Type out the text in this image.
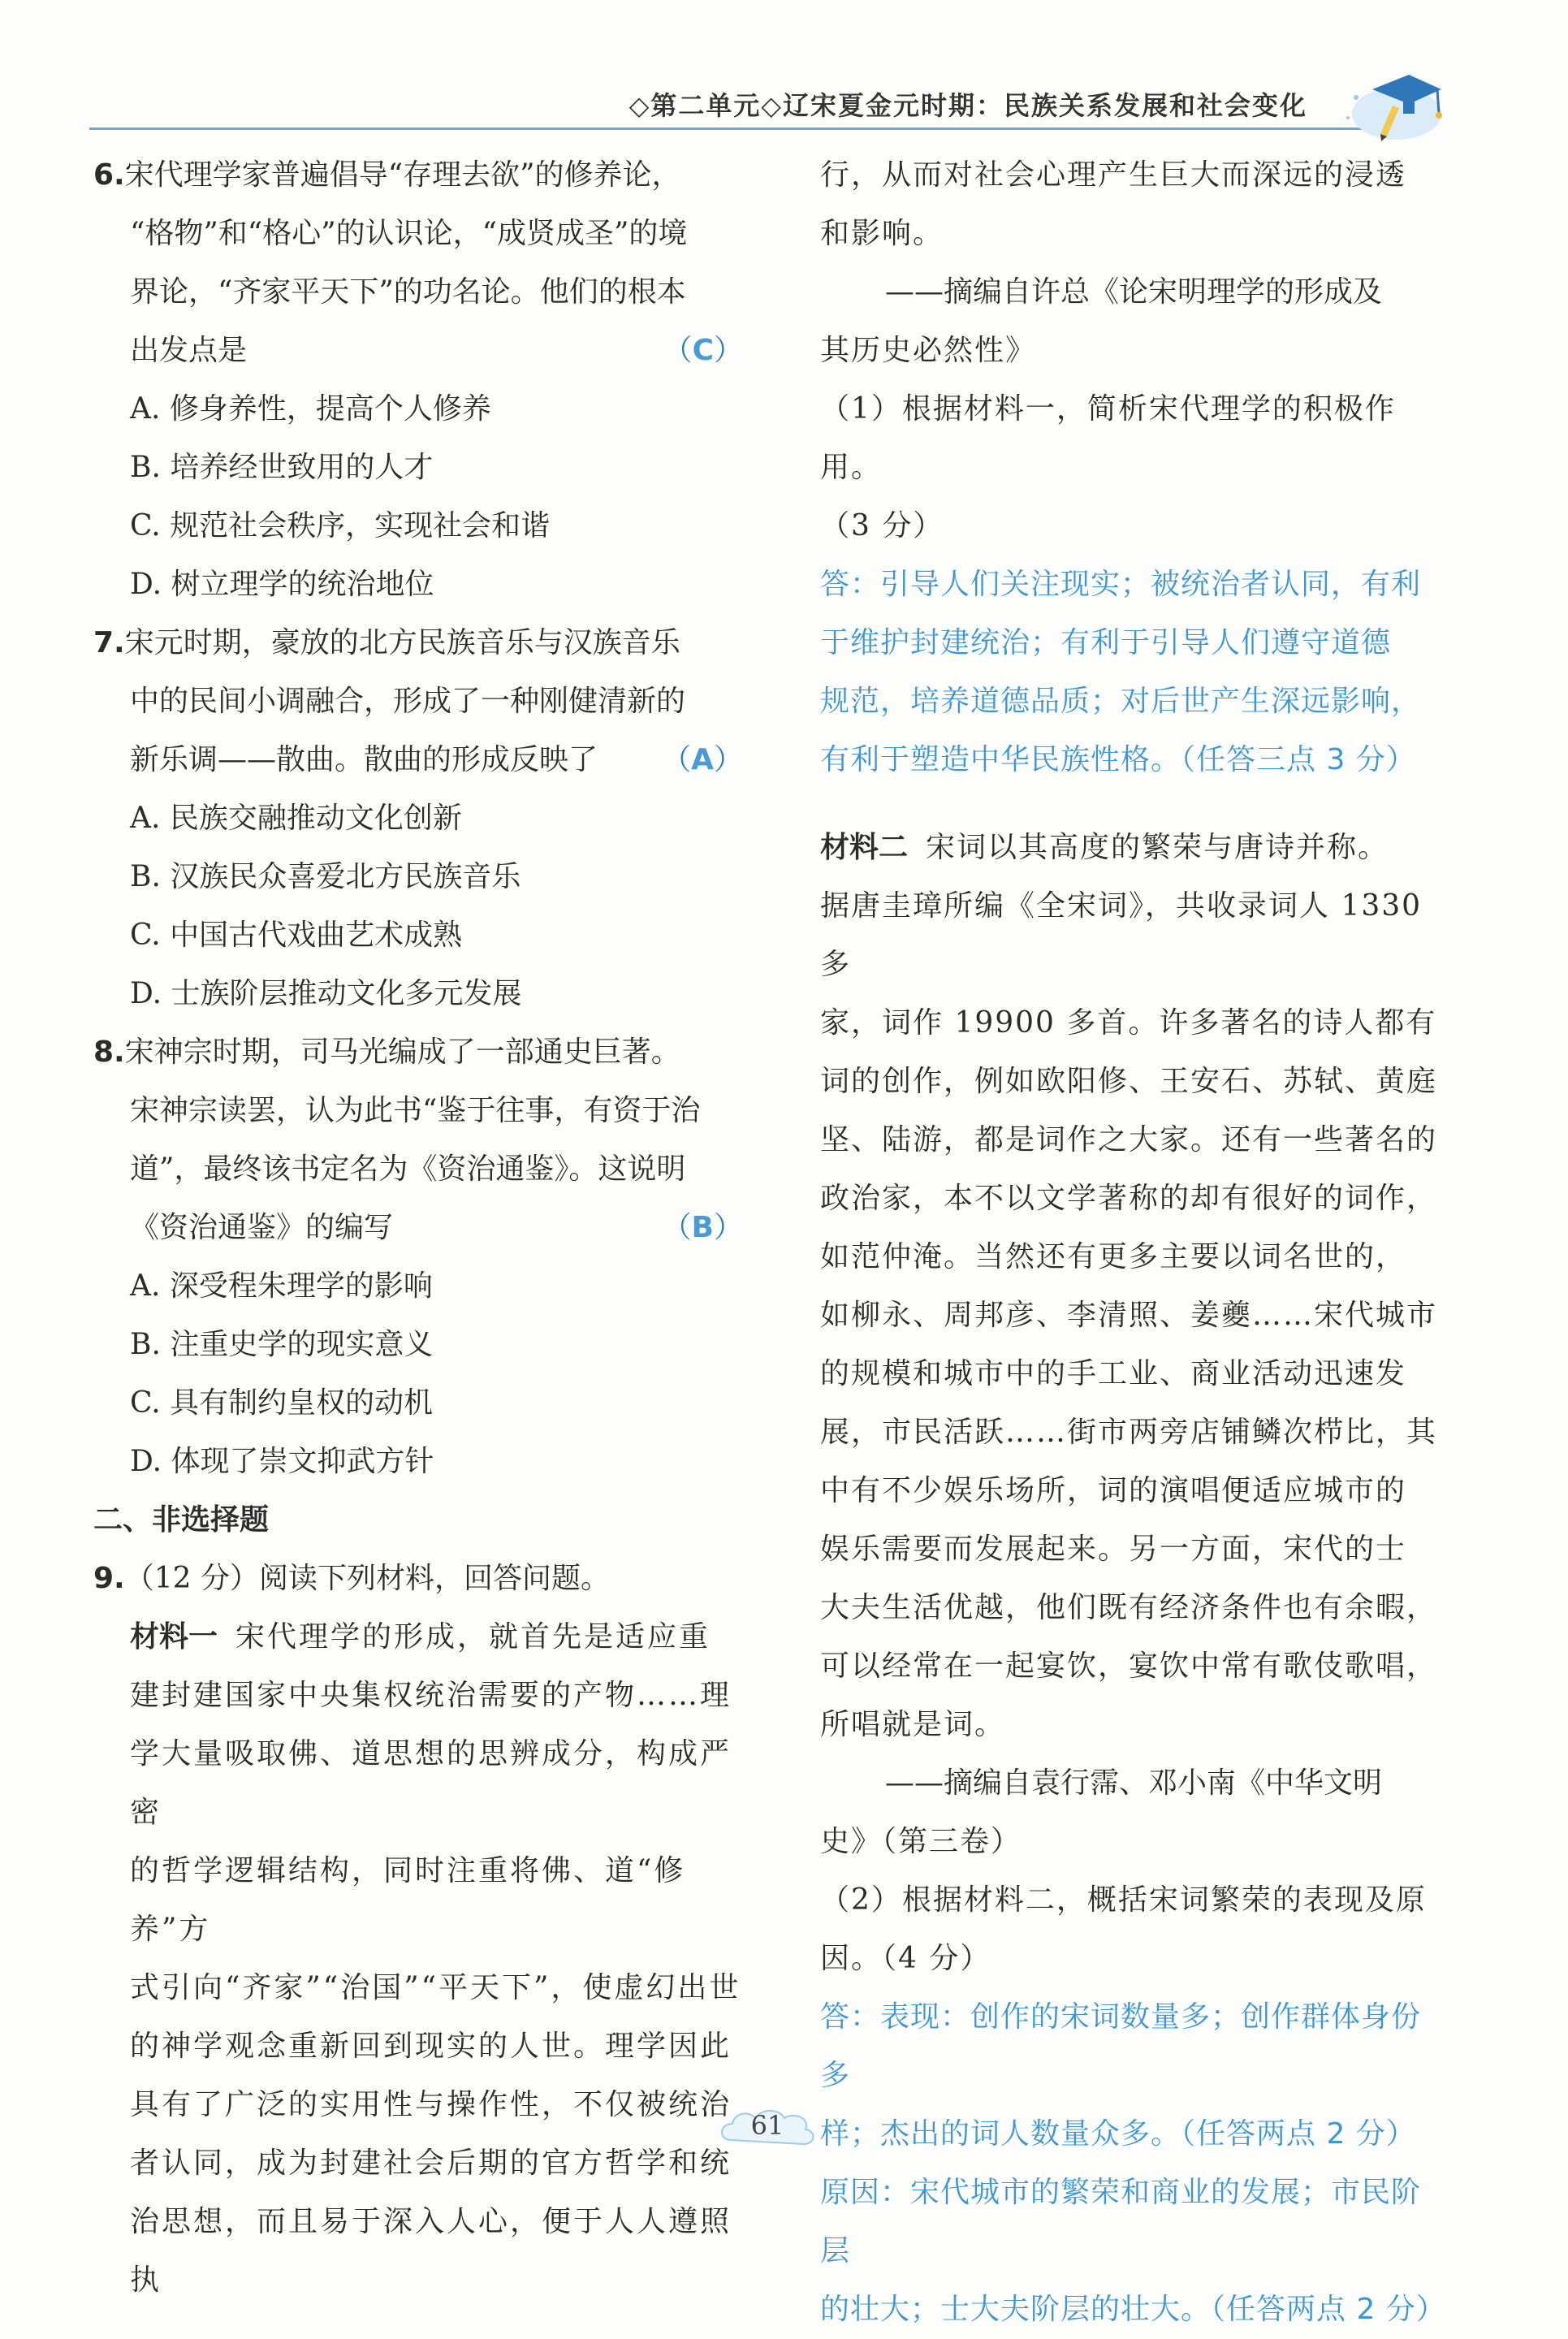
◇第二单元◇辽宋夏金元时期：民族关系发展和社会变化
6.宋代理学家普遍倡导“存理去欲”的修养论，
“格物”和“格心”的认识论，“成贤成圣”的境
界论，“齐家平天下”的功名论。他们的根本
出发点是	（C）
A. 修身养性，提高个人修养
B. 培养经世致用的人才
C. 规范社会秩序，实现社会和谐
D. 树立理学的统治地位
7.宋元时期，豪放的北方民族音乐与汉族音乐
中的民间小调融合，形成了一种刚健清新的
新乐调——散曲。散曲的形成反映了 （A）
A. 民族交融推动文化创新
B. 汉族民众喜爱北方民族音乐
C. 中国古代戏曲艺术成熟
D. 士族阶层推动文化多元发展
8.宋神宗时期，司马光编成了一部通史巨著。
宋神宗读罢，认为此书“鉴于往事，有资于治
道”，最终该书定名为《资治通鉴》。这说明
《资治通鉴》的编写	（B）
A. 深受程朱理学的影响
B. 注重史学的现实意义
C. 具有制约皇权的动机
D. 体现了崇文抑武方针
二、非选择题
9.（12 分）阅读下列材料，回答问题。
材料一 宋代理学的形成，就首先是适应重
建封建国家中央集权统治需要的产物……理
学大量吸取佛、道思想的思辨成分，构成严密
的哲学逻辑结构，同时注重将佛、道“修养”方
式引向“齐家”“治国”“平天下”，使虚幻出世
的神学观念重新回到现实的人世。理学因此
具有了广泛的实用性与操作性，不仅被统治
者认同，成为封建社会后期的官方哲学和统
治思想，而且易于深入人心，便于人人遵照执
行，从而对社会心理产生巨大而深远的浸透
和影响。
——摘编自许总《论宋明理学的形成及
其历史必然性》
（1）根据材料一，简析宋代理学的积极作用。
（3 分）
答：引导人们关注现实；被统治者认同，有利
于维护封建统治；有利于引导人们遵守道德
规范，培养道德品质；对后世产生深远影响，
有利于塑造中华民族性格。（任答三点 3 分）
材料二 宋词以其高度的繁荣与唐诗并称。
据唐圭璋所编《全宋词》，共收录词人 1330 多
家，词作 19900 多首。许多著名的诗人都有
词的创作，例如欧阳修、王安石、苏轼、黄庭
坚、陆游，都是词作之大家。还有一些著名的
政治家，本不以文学著称的却有很好的词作，
如范仲淹。当然还有更多主要以词名世的，
如柳永、周邦彦、李清照、姜夔……宋代城市
的规模和城市中的手工业、商业活动迅速发
展，市民活跃……街市两旁店铺鳞次栉比，其
中有不少娱乐场所，词的演唱便适应城市的
娱乐需要而发展起来。另一方面，宋代的士
大夫生活优越，他们既有经济条件也有余暇，
可以经常在一起宴饮，宴饮中常有歌伎歌唱，
所唱就是词。
——摘编自袁行霈、邓小南《中华文明
史》（第三卷）
（2）根据材料二，概括宋词繁荣的表现及原
因。（4 分）
答：表现：创作的宋词数量多；创作群体身份多
样；杰出的词人数量众多。（任答两点 2 分）
原因：宋代城市的繁荣和商业的发展；市民阶层
的壮大；士大夫阶层的壮大。（任答两点 2 分）
61
